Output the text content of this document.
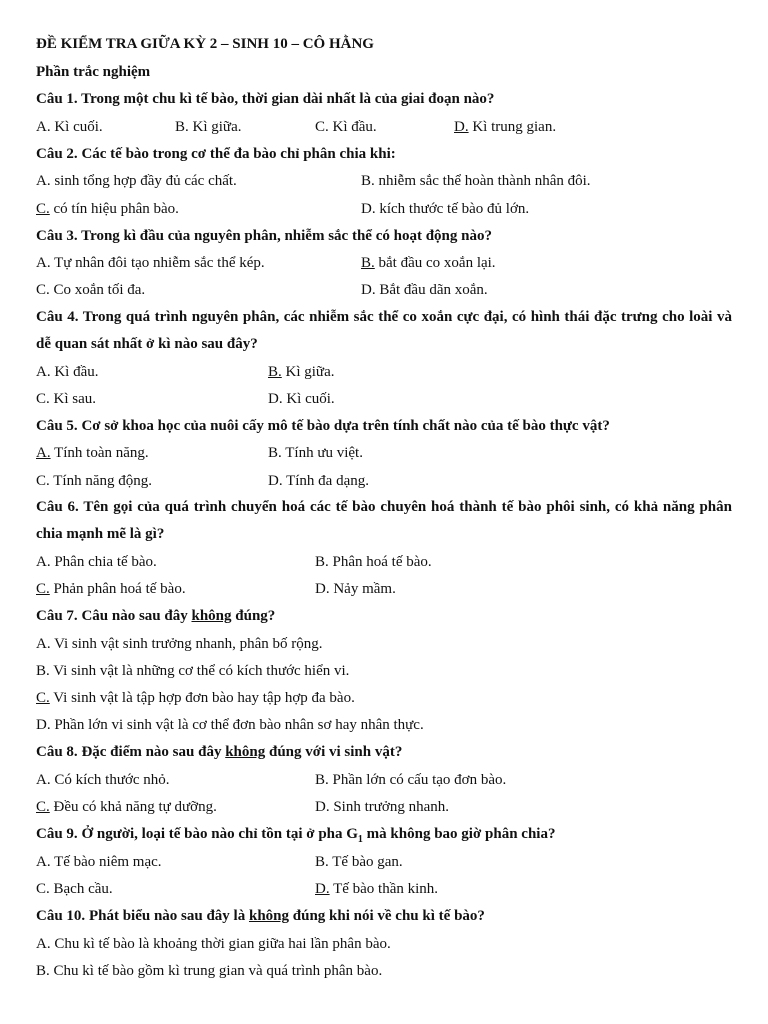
ĐỀ KIỂM TRA GIỮA KỲ 2 – SINH 10 – CÔ HẰNG
Phần trắc nghiệm
Câu 1. Trong một chu kì tế bào, thời gian dài nhất là của giai đoạn nào?
A. Kì cuối.	B. Kì giữa.	C. Kì đầu.	D. Kì trung gian.
Câu 2. Các tế bào trong cơ thể đa bào chỉ phân chia khi:
A. sinh tổng hợp đầy đủ các chất.	B. nhiễm sắc thể hoàn thành nhân đôi.
C. có tín hiệu phân bào.	D. kích thước tế bào đủ lớn.
Câu 3. Trong kì đầu của nguyên phân, nhiễm sắc thể có hoạt động nào?
A. Tự nhân đôi tạo nhiễm sắc thể kép.	B. bắt đầu co xoắn lại.
C. Co xoắn tối đa.	D. Bắt đầu dãn xoắn.
Câu 4. Trong quá trình nguyên phân, các nhiễm sắc thể co xoắn cực đại, có hình thái đặc trưng cho loài và dễ quan sát nhất ở kì nào sau đây?
A. Kì đầu.	B. Kì giữa.
C. Kì sau.	D. Kì cuối.
Câu 5. Cơ sở khoa học của nuôi cấy mô tế bào dựa trên tính chất nào của tế bào thực vật?
A. Tính toàn năng.	B. Tính ưu việt.
C. Tính năng động.	D. Tính đa dạng.
Câu 6. Tên gọi của quá trình chuyển hoá các tế bào chuyên hoá thành tế bào phôi sinh, có khả năng phân chia mạnh mẽ là gì?
A. Phân chia tế bào.	B. Phân hoá tế bào.
C. Phản phân hoá tế bào.	D. Nảy mầm.
Câu 7. Câu nào sau đây không đúng?
A. Vi sinh vật sinh trưởng nhanh, phân bố rộng.
B. Vi sinh vật là những cơ thể có kích thước hiển vi.
C. Vi sinh vật là tập hợp đơn bào hay tập hợp đa bào.
D. Phần lớn vi sinh vật là cơ thể đơn bào nhân sơ hay nhân thực.
Câu 8. Đặc điểm nào sau đây không đúng với vi sinh vật?
A. Có kích thước nhỏ.	B. Phần lớn có cấu tạo đơn bào.
C. Đều có khả năng tự dưỡng.	D. Sinh trưởng nhanh.
Câu 9. Ở người, loại tế bào nào chỉ tồn tại ở pha $G_1$ mà không bao giờ phân chia?
A. Tế bào niêm mạc.	B. Tế bào gan.
C. Bạch cầu.	D. Tế bào thần kinh.
Câu 10. Phát biểu nào sau đây là không đúng khi nói về chu kì tế bào?
A. Chu kì tế bào là khoảng thời gian giữa hai lần phân bào.
B. Chu kì tế bào gồm kì trung gian và quá trình phân bào.
